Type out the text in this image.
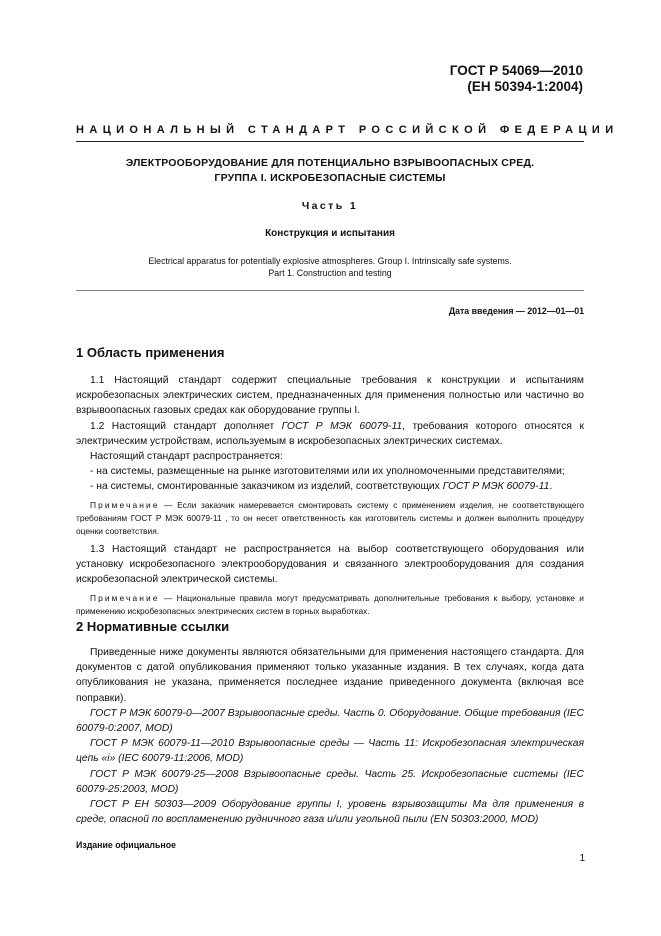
ГОСТ Р 54069—2010
(ЕН 50394-1:2004)
НАЦИОНАЛЬНЫЙ СТАНДАРТ РОССИЙСКОЙ ФЕДЕРАЦИИ
ЭЛЕКТРООБОРУДОВАНИЕ ДЛЯ ПОТЕНЦИАЛЬНО ВЗРЫВООПАСНЫХ СРЕД.
ГРУППА I. ИСКРОБЕЗОПАСНЫЕ СИСТЕМЫ
Часть 1
Конструкция и испытания
Electrical apparatus for potentially explosive atmospheres. Group I. Intrinsically safe systems.
Part 1. Construction and testing
Дата введения — 2012—01—01
1 Область применения

1.1 Настоящий стандарт содержит специальные требования к конструкции и испытаниям искробезопасных электрических систем, предназначенных для применения полностью или частично во взрывоопасных газовых средах как оборудование группы I.

1.2 Настоящий стандарт дополняет ГОСТ Р МЭК 60079-11, требования которого относятся к электрическим устройствам, используемым в искробезопасных электрических системах.

Настоящий стандарт распространяется:

- на системы, размещенные на рынке изготовителями или их уполномоченными представителями;

- на системы, смонтированные заказчиком из изделий, соответствующих ГОСТ Р МЭК 60079-11.

Примечание — Если заказчик намеревается смонтировать систему с применением изделия, не соответствующего требованиям ГОСТ Р МЭК 60079-11 , то он несет ответственность как изготовитель системы и должен выполнить процедуру оценки соответствия.

1.3 Настоящий стандарт не распространяется на выбор соответствующего оборудования или установку искробезопасного электрооборудования и связанного электрооборудования для создания искробезопасной электрической системы.

Примечание — Национальные правила могут предусматривать дополнительные требования к выбору, установке и применению искробезопасных электрических систем в горных выработках.

2 Нормативные ссылки

Приведенные ниже документы являются обязательными для применения настоящего стандарта. Для документов с датой опубликования применяют только указанные издания. В тех случаях, когда дата опубликования не указана, применяется последнее издание приведенного документа (включая все поправки).

ГОСТ Р МЭК 60079-0—2007 Взрывоопасные среды. Часть 0. Оборудование. Общие требования (IEC 60079-0:2007, MOD)

ГОСТ Р МЭК 60079-11—2010 Взрывоопасные среды — Часть 11: Искробезопасная электрическая цепь «i» (IEC 60079-11:2006, MOD)

ГОСТ Р МЭК 60079-25—2008 Взрывоопасные среды. Часть 25. Искробезопасные системы (IEC 60079-25:2003, MOD)

ГОСТ Р ЕН 50303—2009 Оборудование группы I, уровень взрывозащиты Ма для применения в среде, опасной по воспламенению рудничного газа и/или угольной пыли (EN 50303:2000, MOD)

Издание официальное
1
